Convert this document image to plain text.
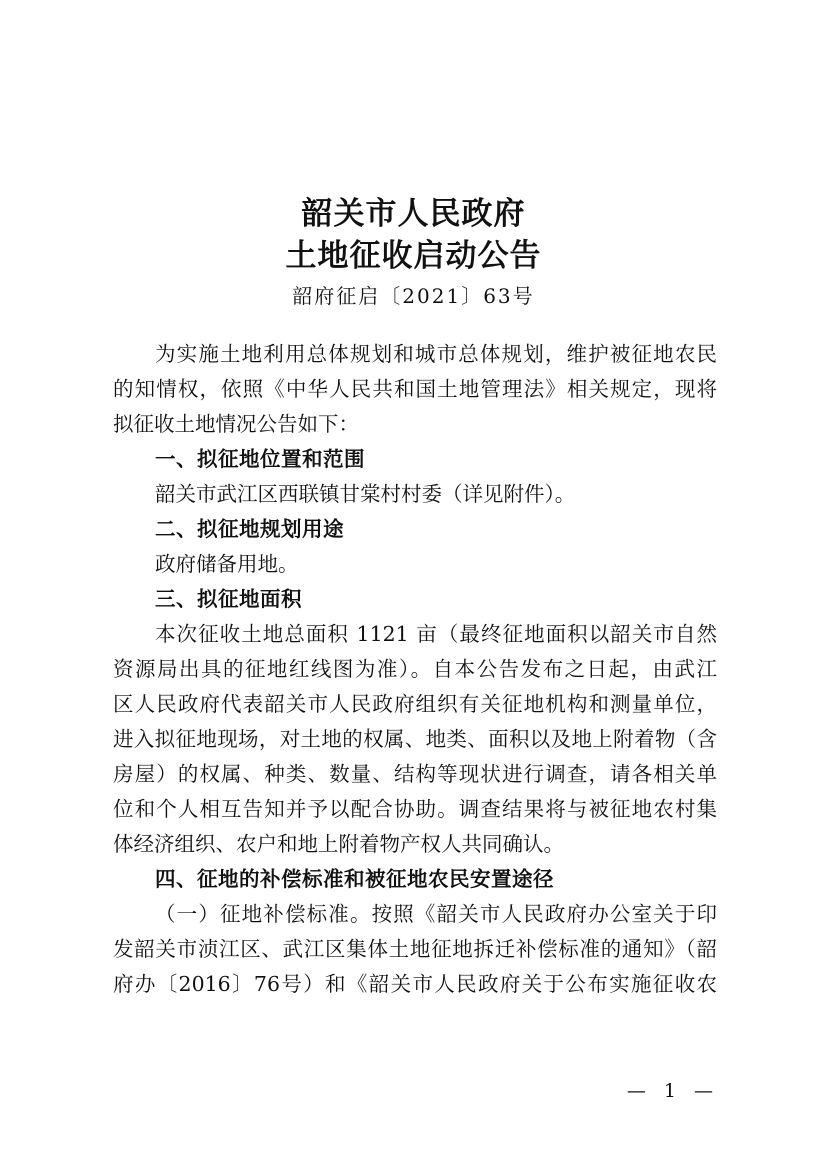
韶关市人民政府
土地征收启动公告
韶府征启〔2021〕63号
为实施土地利用总体规划和城市总体规划，维护被征地农民
的知情权，依照《中华人民共和国土地管理法》相关规定，现将
拟征收土地情况公告如下：
一、拟征地位置和范围
韶关市武江区西联镇甘棠村村委（详见附件）。
二、拟征地规划用途
政府储备用地。
三、拟征地面积
本次征收土地总面积 1121 亩（最终征地面积以韶关市自然
资源局出具的征地红线图为准）。自本公告发布之日起，由武江
区人民政府代表韶关市人民政府组织有关征地机构和测量单位，
进入拟征地现场，对土地的权属、地类、面积以及地上附着物（含
房屋）的权属、种类、数量、结构等现状进行调查，请各相关单
位和个人相互告知并予以配合协助。调查结果将与被征地农村集
体经济组织、农户和地上附着物产权人共同确认。
四、征地的补偿标准和被征地农民安置途径
（一）征地补偿标准。按照《韶关市人民政府办公室关于印
发韶关市浈江区、武江区集体土地征地拆迁补偿标准的通知》（韶
府办〔2016〕76号）和《韶关市人民政府关于公布实施征收农
— 1 —
